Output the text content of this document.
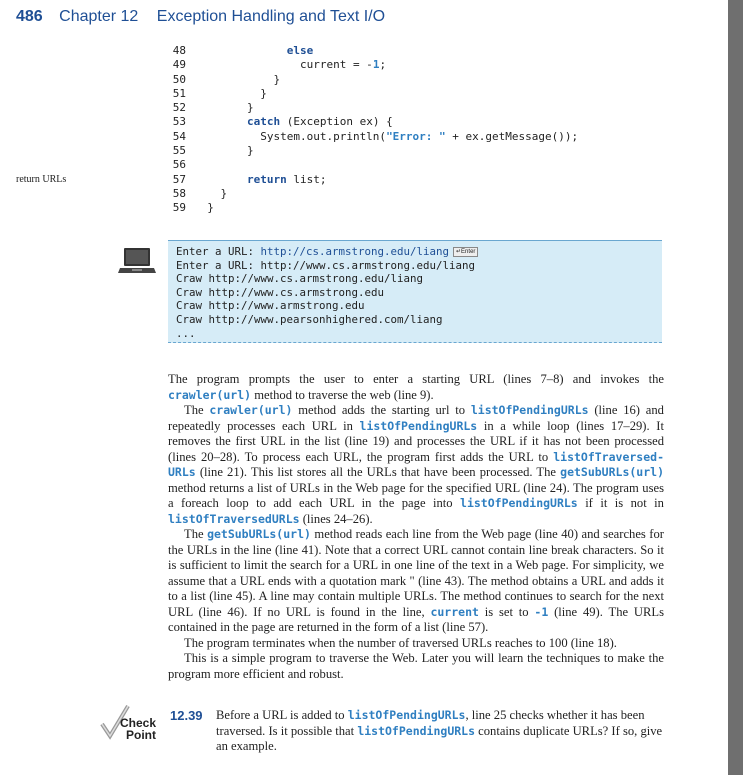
486 Chapter 12 Exception Handling and Text I/O
48	else
49                current = -1;
50            }
51          }
52        }
53	catch (Exception ex) {
54          System.out.println("Error: " + ex.getMessage());
55        }
56
57	return list;
58    }
59  }
return URLs
Enter a URL: http://cs.armstrong.edu/liang ↵Enter
Enter a URL: http://www.cs.armstrong.edu/liang
Craw http://www.cs.armstrong.edu/liang
Craw http://www.cs.armstrong.edu
Craw http://www.armstrong.edu
Craw http://www.pearsonhighered.com/liang
...

The program prompts the user to enter a starting URL (lines 7–8) and invokes the crawler(url) method to traverse the web (line 9).

The crawler(url) method adds the starting url to listOfPendingURLs (line 16) and repeatedly processes each URL in listOfPendingURLs in a while loop (lines 17–29). It removes the first URL in the list (line 19) and processes the URL if it has not been processed (lines 20–28). To process each URL, the program first adds the URL to listOfTraversed-URLs (line 21). This list stores all the URLs that have been processed. The getSubURLs(url) method returns a list of URLs in the Web page for the specified URL (line 24). The program uses a foreach loop to add each URL in the page into listOfPendingURLs if it is not in listOfTraversedURLs (lines 24–26).

The getSubURLs(url) method reads each line from the Web page (line 40) and searches for the URLs in the line (line 41). Note that a correct URL cannot contain line break characters. So it is sufficient to limit the search for a URL in one line of the text in a Web page. For simplicity, we assume that a URL ends with a quotation mark " (line 43). The method obtains a URL and adds it to a list (line 45). A line may contain multiple URLs. The method continues to search for the next URL (line 46). If no URL is found in the line, current is set to -1 (line 49). The URLs contained in the page are returned in the form of a list (line 57).

The program terminates when the number of traversed URLs reaches to 100 (line 18).

This is a simple program to traverse the Web. Later you will learn the techniques to make the program more efficient and robust.

Check
Point
12.39 Before a URL is added to listOfPendingURLs, line 25 checks whether it has been traversed. Is it possible that listOfPendingURLs contains duplicate URLs? If so, give an example.
